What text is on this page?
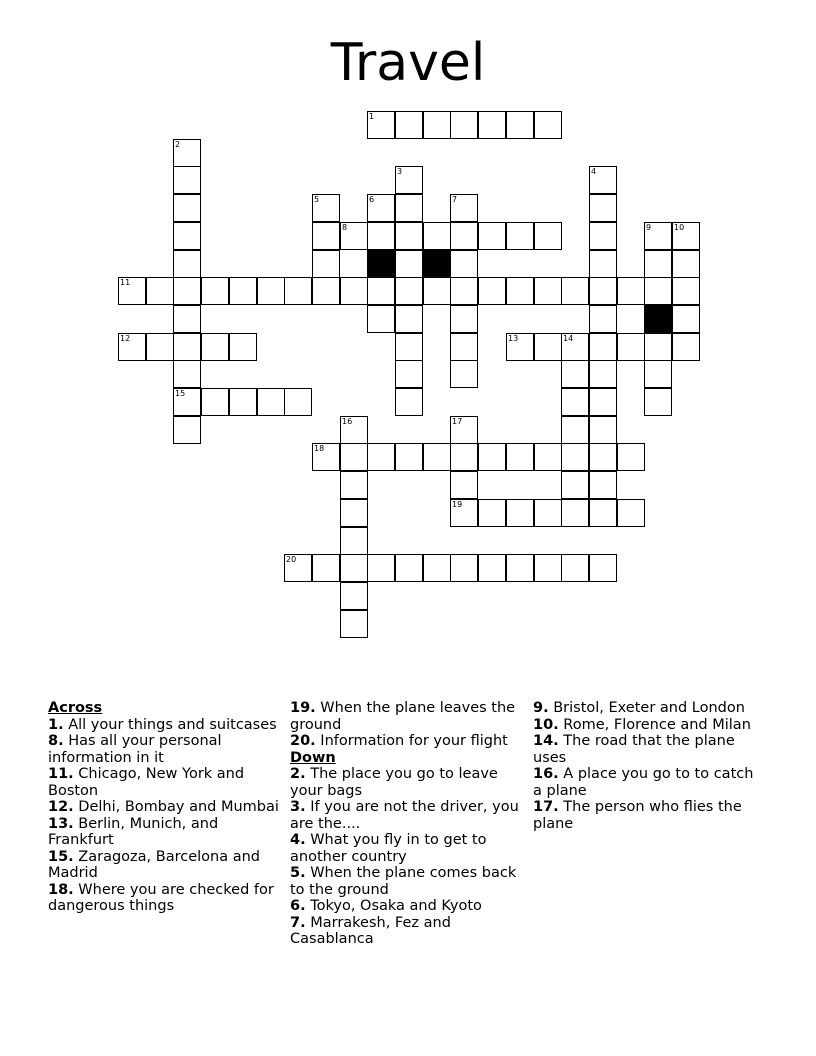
Travel
1
2
15
3	4
5	6	7
8	9	10
11
12	13	14
16	17
19
18
20
Across
1. All your things and suitcases
8. Has all your personal information in it
11. Chicago, New York and Boston
12. Delhi, Bombay and Mumbai
13. Berlin, Munich, and Frankfurt
15. Zaragoza, Barcelona and Madrid
18. Where you are checked for dangerous things
19. When the plane leaves the ground
20. Information for your flight
Down
2. The place you go to leave your bags
3. If you are not the driver, you are the....
4. What you fly in to get to another country
5. When the plane comes back to the ground
6. Tokyo, Osaka and Kyoto
7. Marrakesh, Fez and Casablanca
9. Bristol, Exeter and London
10. Rome, Florence and Milan
14. The road that the plane uses
16. A place you go to to catch a plane
17. The person who flies the plane
